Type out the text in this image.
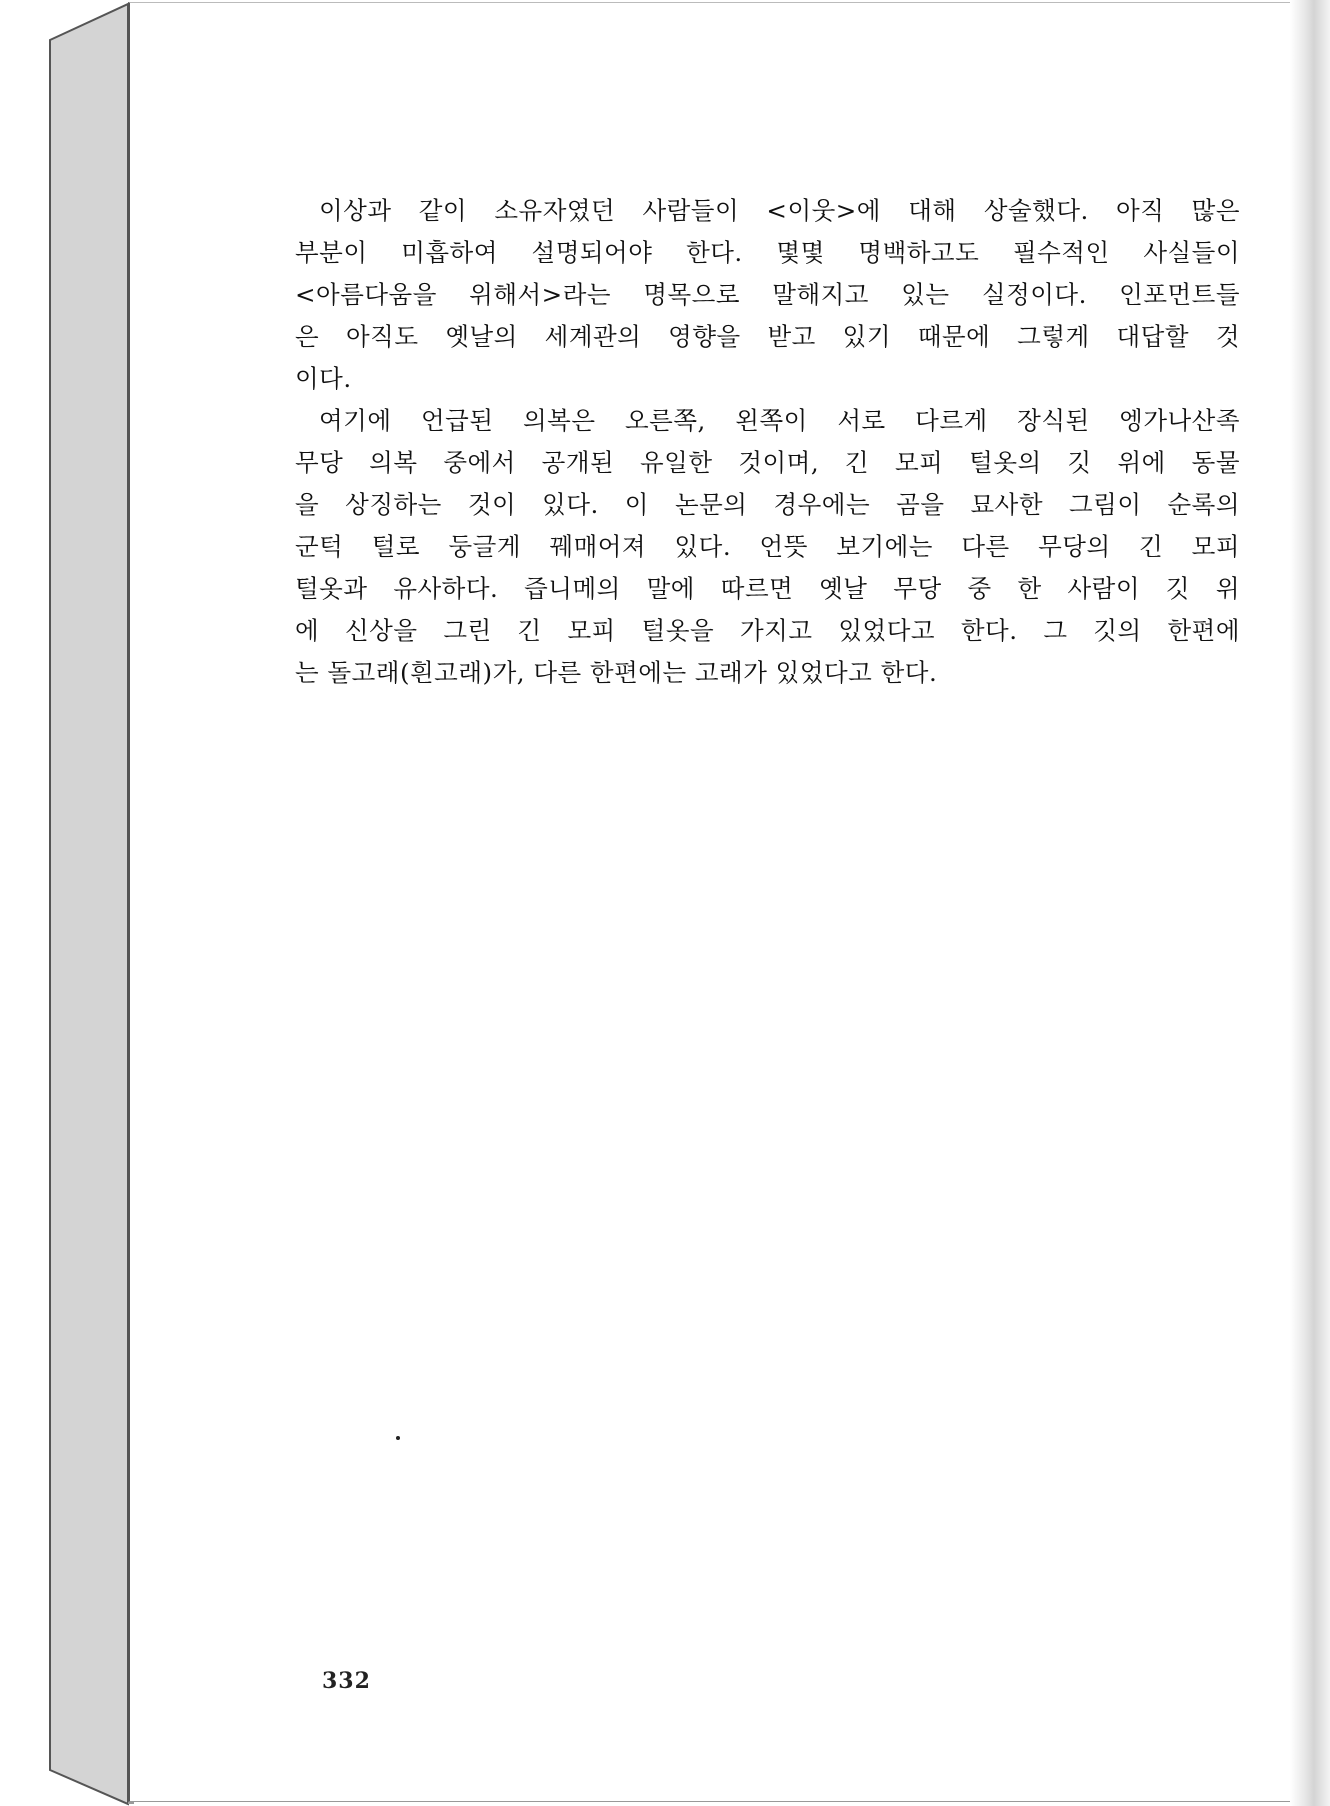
이상과 같이 소유자였던 사람들이 <이웃>에 대해 상술했다. 아직 많은
부분이 미흡하여 설명되어야 한다. 몇몇 명백하고도 필수적인 사실들이
<아름다움을 위해서>라는 명목으로 말해지고 있는 실정이다. 인포먼트들
은 아직도 옛날의 세계관의 영향을 받고 있기 때문에 그렇게 대답할 것
이다.

여기에 언급된 의복은 오른쪽, 왼쪽이 서로 다르게 장식된 엥가나산족
무당 의복 중에서 공개된 유일한 것이며, 긴 모피 털옷의 깃 위에 동물
을 상징하는 것이 있다. 이 논문의 경우에는 곰을 묘사한 그림이 순록의
군턱 털로 둥글게 꿰매어져 있다. 언뜻 보기에는 다른 무당의 긴 모피
털옷과 유사하다. 즙니메의 말에 따르면 옛날 무당 중 한 사람이 깃 위
에 신상을 그린 긴 모피 털옷을 가지고 있었다고 한다. 그 깃의 한편에
는 돌고래(흰고래)가, 다른 한편에는 고래가 있었다고 한다.

332
